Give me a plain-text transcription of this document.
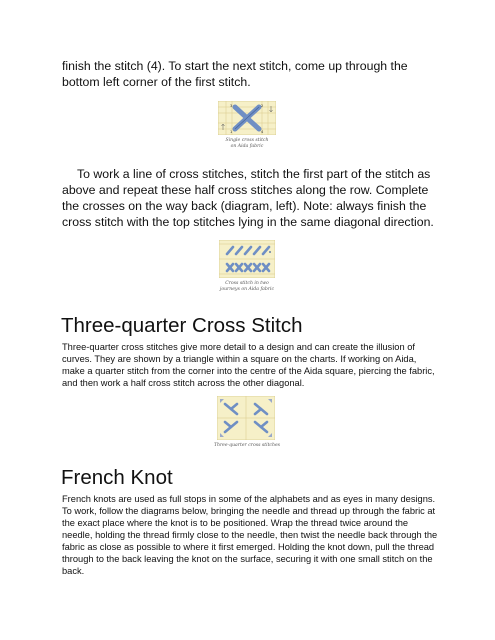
finish the stitch (4). To start the next stitch, come up through the bottom left corner of the first stitch.

1
2
3
4

Single cross stitch
on Aida fabric

To work a line of cross stitches, stitch the first part of the stitch as above and repeat these half cross stitches along the row. Complete the crosses on the way back (diagram, left). Note: always finish the cross stitch with the top stitches lying in the same diagonal direction.

Cross stitch in two
journeys on Aida fabric

Three-quarter Cross Stitch

Three-quarter cross stitches give more detail to a design and can create the illusion of curves. They are shown by a triangle within a square on the charts. If working on Aida, make a quarter stitch from the corner into the centre of the Aida square, piercing the fabric, and then work a half cross stitch across the other diagonal.

Three-quarter cross stitches

French Knot

French knots are used as full stops in some of the alphabets and as eyes in many designs. To work, follow the diagrams below, bringing the needle and thread up through the fabric at the exact place where the knot is to be positioned. Wrap the thread twice around the needle, holding the thread firmly close to the needle, then twist the needle back through the fabric as close as possible to where it first emerged. Holding the knot down, pull the thread through to the back leaving the knot on the surface, securing it with one small stitch on the back.
